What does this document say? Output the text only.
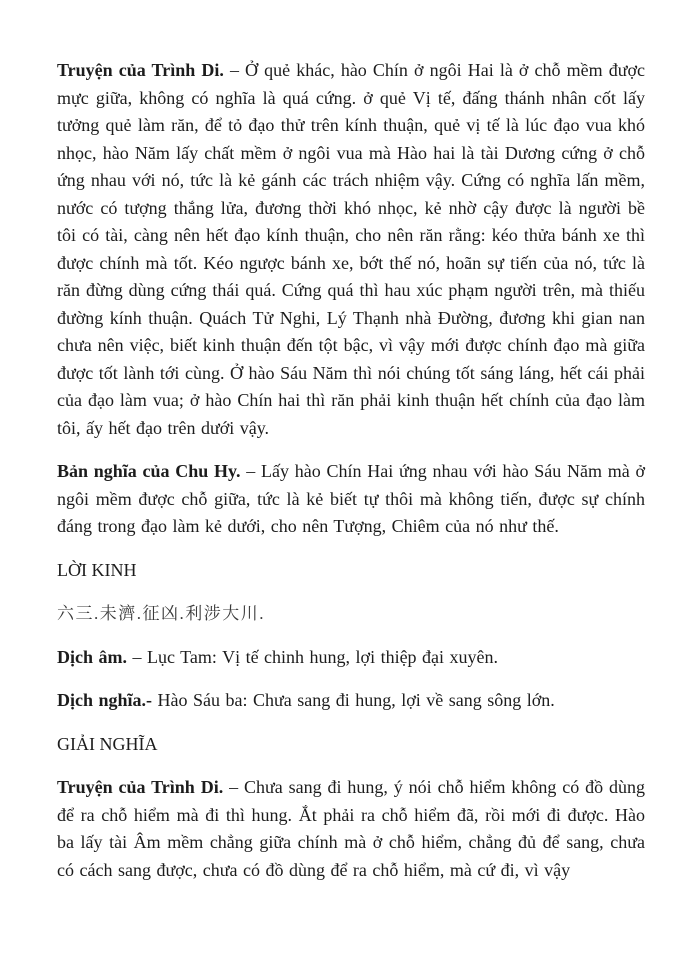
Truyện của Trình Di. – Ở quẻ khác, hào Chín ở ngôi Hai là ở chỗ mềm được mực giữa, không có nghĩa là quá cứng. ở quẻ Vị tế, đấng thánh nhân cốt lấy tưởng quẻ làm răn, để tỏ đạo thử trên kính thuận, quẻ vị tế là lúc đạo vua khó nhọc, hào Năm lấy chất mềm ở ngôi vua mà Hào hai là tài Dương cứng ở chỗ ứng nhau với nó, tức là kẻ gánh các trách nhiệm vậy. Cứng có nghĩa lấn mềm, nước có tượng thắng lửa, đương thời khó nhọc, kẻ nhờ cậy được là người bề tôi có tài, càng nên hết đạo kính thuận, cho nên răn rằng: kéo thửa bánh xe thì được chính mà tốt. Kéo ngược bánh xe, bớt thế nó, hoãn sự tiến của nó, tức là răn đừng dùng cứng thái quá. Cứng quá thì hau xúc phạm người trên, mà thiếu đường kính thuận. Quách Tử Nghi, Lý Thạnh nhà Đường, đương khi gian nan chưa nên việc, biết kinh thuận đến tột bậc, vì vậy mới được chính đạo mà giữa được tốt lành tới cùng. Ở hào Sáu Năm thì nói chúng tốt sáng láng, hết cái phải của đạo làm vua; ở hào Chín hai thì răn phải kinh thuận hết chính của đạo làm tôi, ấy hết đạo trên dưới vậy.

Bản nghĩa của Chu Hy. – Lấy hào Chín Hai ứng nhau với hào Sáu Năm mà ở ngôi mềm được chỗ giữa, tức là kẻ biết tự thôi mà không tiến, được sự chính đáng trong đạo làm kẻ dưới, cho nên Tượng, Chiêm của nó như thế.

LỜI KINH

六三.未濟.征凶.利涉大川.

Dịch âm. – Lục Tam: Vị tế chinh hung, lợi thiệp đại xuyên.

Dịch nghĩa.- Hào Sáu ba: Chưa sang đi hung, lợi về sang sông lớn.

GIẢI NGHĨA

Truyện của Trình Di. – Chưa sang đi hung, ý nói chỗ hiểm không có đồ dùng để ra chỗ hiểm mà đi thì hung. Ắt phải ra chỗ hiểm đã, rồi mới đi được. Hào ba lấy tài Âm mềm chẳng giữa chính mà ở chỗ hiểm, chẳng đủ để sang, chưa có cách sang được, chưa có đồ dùng để ra chỗ hiểm, mà cứ đi, vì vậy
